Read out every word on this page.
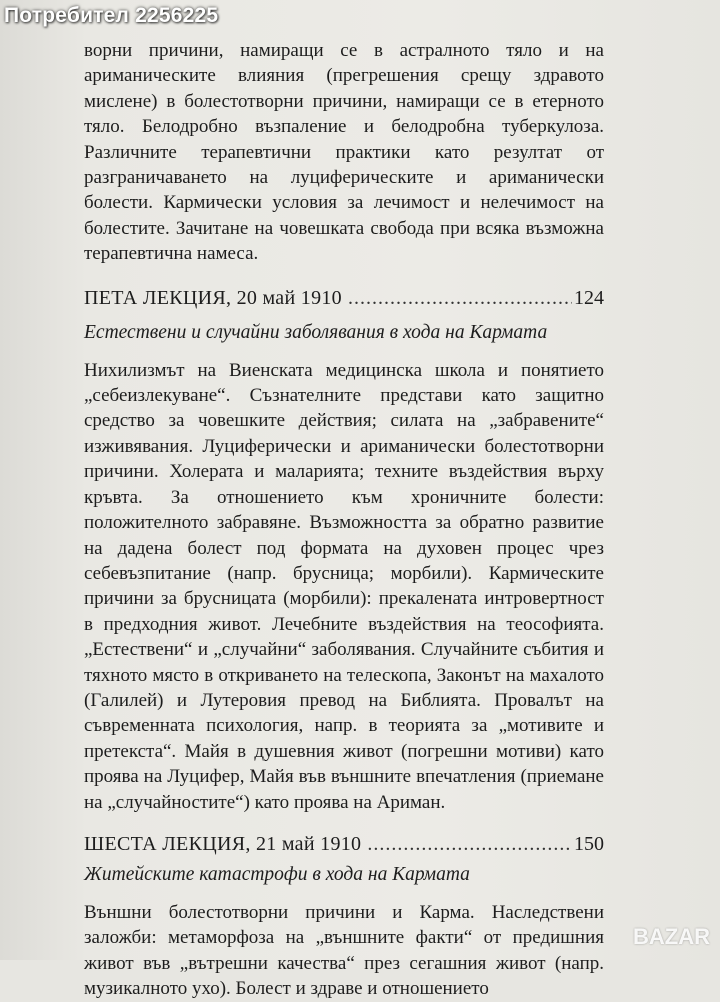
Потребител 2256225

ворни причини, намиращи се в астралното тяло и на ариманическите влияния (прегрешения срещу здравото мисленe) в болестотворни причини, намиращи се в етерното тяло. Белодробно възпаление и белодробна туберкулоза. Различните терапевтични практики като резултат от разграничаването на луциферическите и ариманически болести. Кармически условия за лечимост и нелечимост на болестите. Зачитане на човешката свобода при всяка възможна терапевтична намеса.

ПЕТА ЛЕКЦИЯ, 20 май 1910 .....	124
Естествени и случайни заболявания в хода на Кармата

Нихилизмът на Виенската медицинска школа и понятието „себеизлекуване“. Съзнателните представи като защитно средство за човешките действия; силата на „забравените“ изживявания. Луциферически и ариманически болестотворни причини. Холерата и маларията; техните въздействия върху кръвта. За отношението към хроничните болести: положителното забравяне. Възможността за обратно развитие на дадена болест под формата на духовен процес чрез себевъзпитание (напр. брусница; морбили). Кармическите причини за брусницата (морбили): прекалената интровертност в предходния живот. Лечебните въздействия на теософията. „Естествени“ и „случайни“ заболявания. Случайните събития и тяхното място в откриването на телескопа, Законът на махалото (Галилей) и Лутеровия превод на Библията. Провалът на съвременната психология, напр. в теорията за „мотивите и претекста“. Майя в душевния живот (погрешни мотиви) като проява на Луцифер, Майя във външните впечатления (приемане на „случайностите“) като проява на Ариман.

ШЕСТА ЛЕКЦИЯ, 21 май 1910 .....	150
Житейските катастрофи в хода на Кармата

Външни болестотворни причини и Карма. Наследствени заложби: метаморфоза на „външните факти“ от предишния живот във „вътрешни качества“ през сегашния живот (напр. музикалното ухо). Болест и здраве и отношението

BAZAR
